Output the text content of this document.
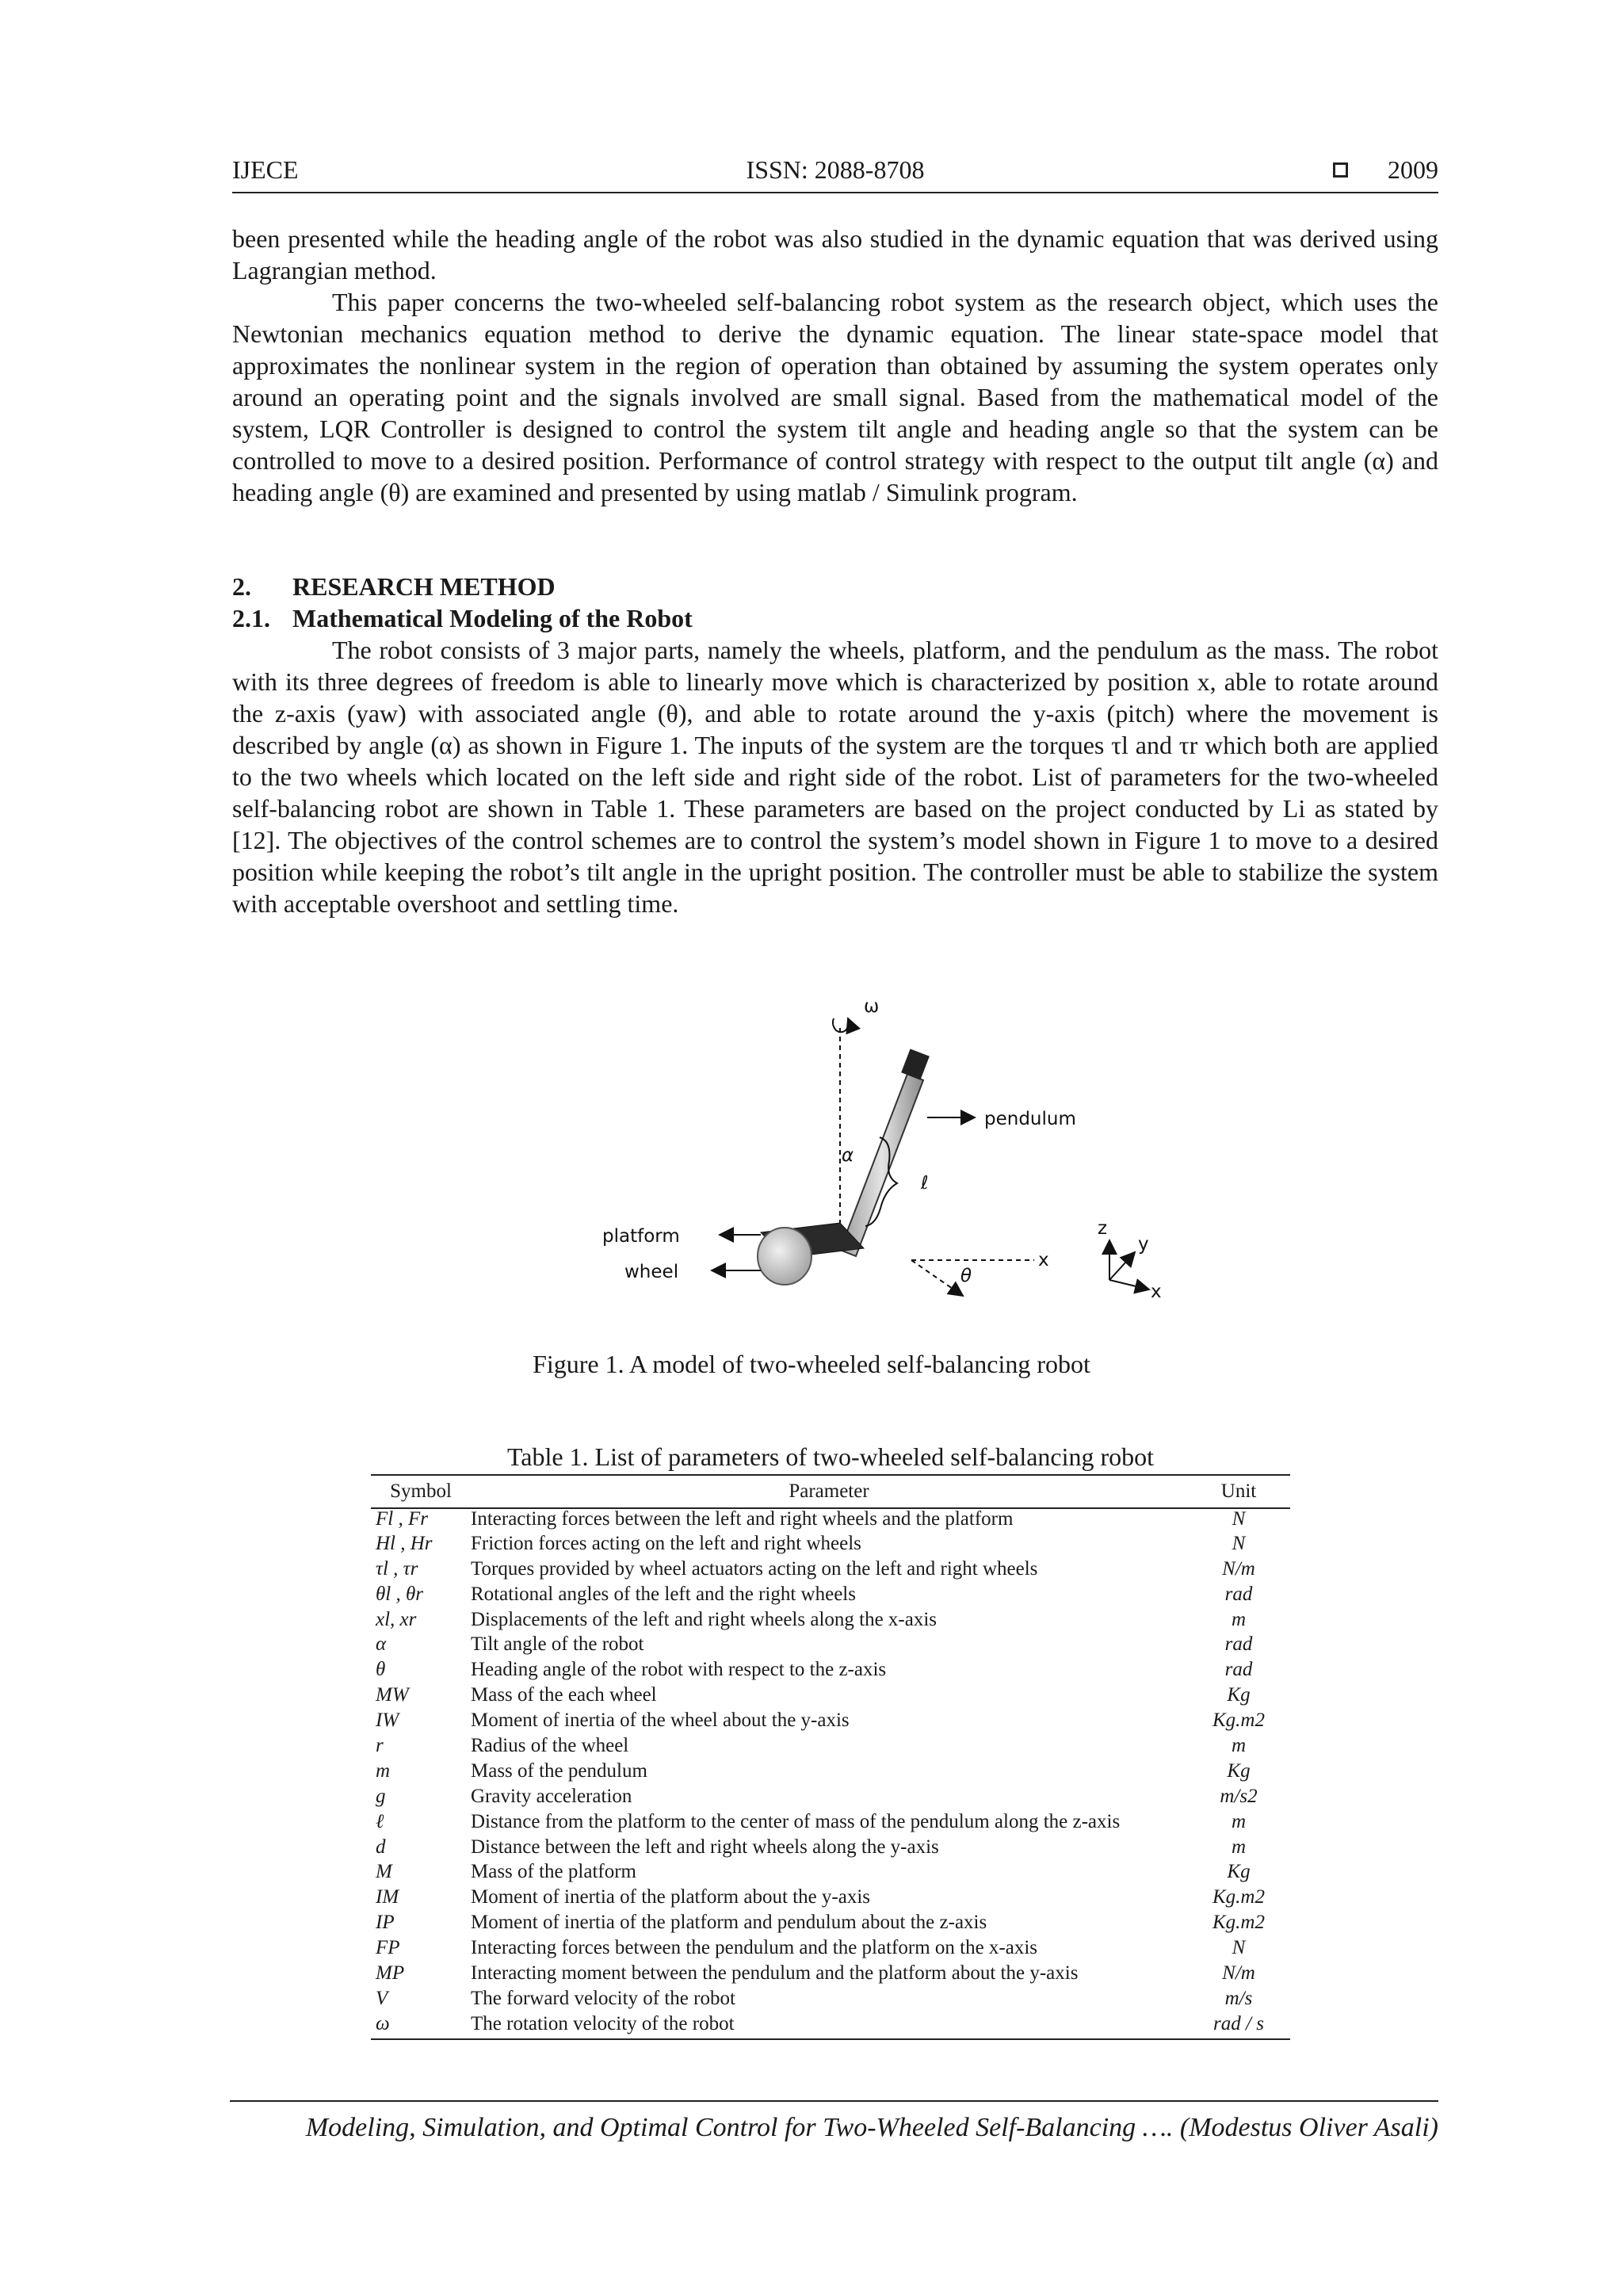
IJECE	ISSN: 2088-8708	2009

been presented while the heading angle of the robot was also studied in the dynamic equation that was derived using Lagrangian method.

This paper concerns the two-wheeled self-balancing robot system as the research object, which uses the Newtonian mechanics equation method to derive the dynamic equation. The linear state-space model that approximates the nonlinear system in the region of operation than obtained by assuming the system operates only around an operating point and the signals involved are small signal. Based from the mathematical model of the system, LQR Controller is designed to control the system tilt angle and heading angle so that the system can be controlled to move to a desired position. Performance of control strategy with respect to the output tilt angle (α) and heading angle (θ) are examined and presented by using matlab / Simulink program.

2. RESEARCH METHOD

2.1. Mathematical Modeling of the Robot

The robot consists of 3 major parts, namely the wheels, platform, and the pendulum as the mass. The robot with its three degrees of freedom is able to linearly move which is characterized by position x, able to rotate around the z-axis (yaw) with associated angle (θ), and able to rotate around the y-axis (pitch) where the movement is described by angle (α) as shown in Figure 1. The inputs of the system are the torques τl and τr which both are applied to the two wheels which located on the left side and right side of the robot. List of parameters for the two-wheeled self-balancing robot are shown in Table 1. These parameters are based on the project conducted by Li as stated by [12]. The objectives of the control schemes are to control the system’s model shown in Figure 1 to move to a desired position while keeping the robot’s tilt angle in the upright position. The controller must be able to stabilize the system with acceptable overshoot and settling time.

ω
pendulum
α
ℓ
platform
wheel
x
θ
z
y
x
Figure 1. A model of two-wheeled self-balancing robot
Table 1. List of parameters of two-wheeled self-balancing robot
Symbol	Parameter	Unit
Fl , Fr	Interacting forces between the left and right wheels and the platform	N
Hl , Hr	Friction forces acting on the left and right wheels	N
τl , τr	Torques provided by wheel actuators acting on the left and right wheels	N/m
θl , θr	Rotational angles of the left and the right wheels	rad
xl, xr	Displacements of the left and right wheels along the x-axis	m
α	Tilt angle of the robot	rad
θ	Heading angle of the robot with respect to the z-axis	rad
MW	Mass of the each wheel	Kg
IW	Moment of inertia of the wheel about the y-axis	Kg.m2
r	Radius of the wheel	m
m	Mass of the pendulum	Kg
g	Gravity acceleration	m/s2
ℓ	Distance from the platform to the center of mass of the pendulum along the z-axis	m
d	Distance between the left and right wheels along the y-axis	m
M	Mass of the platform	Kg
IM	Moment of inertia of the platform about the y-axis	Kg.m2
IP	Moment of inertia of the platform and pendulum about the z-axis	Kg.m2
FP	Interacting forces between the pendulum and the platform on the x-axis	N
MP	Interacting moment between the pendulum and the platform about the y-axis	N/m
V	The forward velocity of the robot	m/s
ω	The rotation velocity of the robot	rad / s
Modeling, Simulation, and Optimal Control for Two-Wheeled Self-Balancing …. (Modestus Oliver Asali)
